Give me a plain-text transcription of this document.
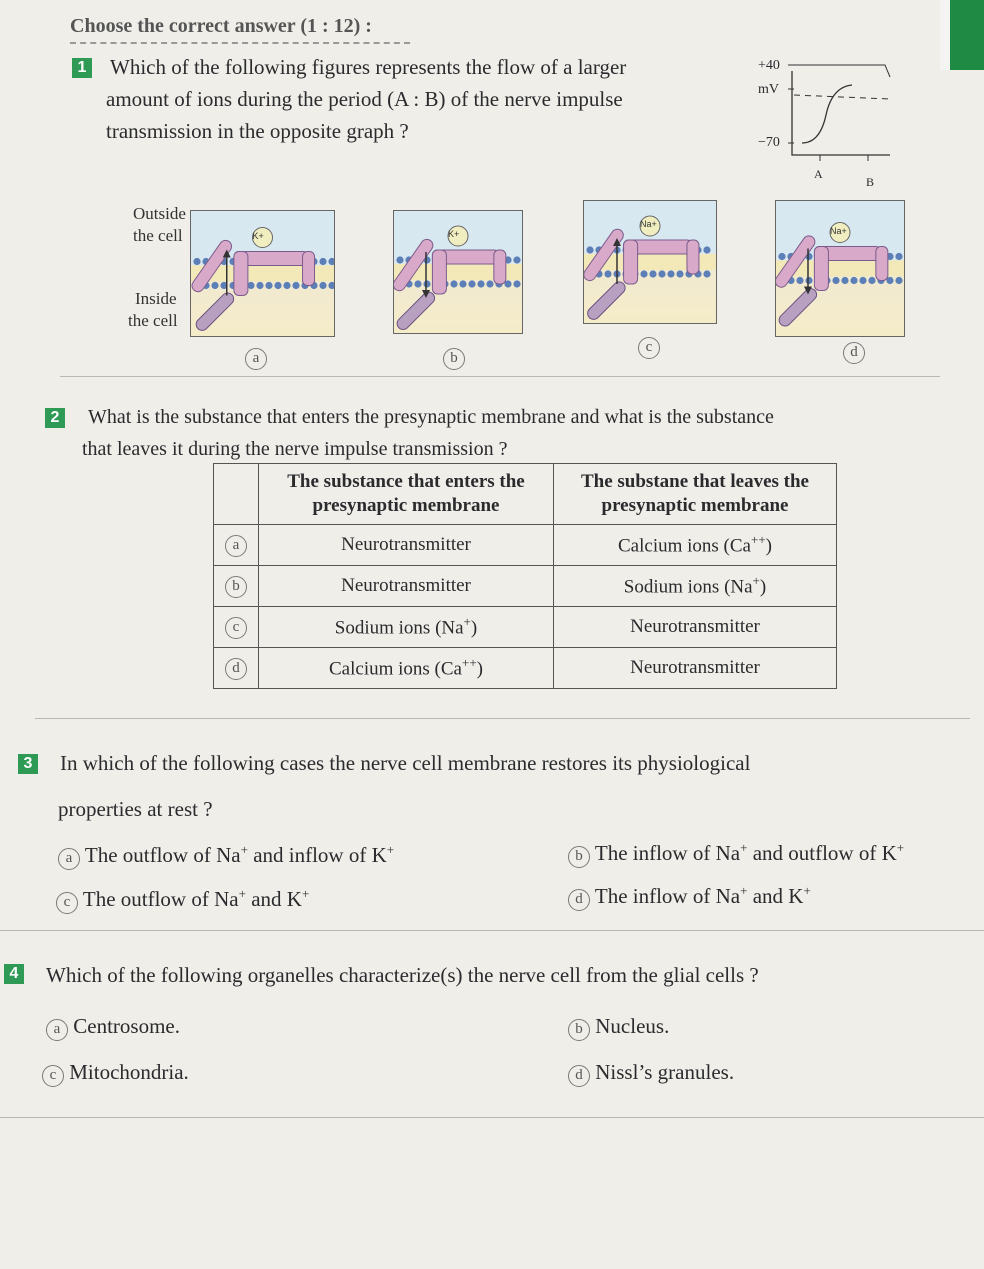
Choose the correct answer (1 : 12) :
1 Which of the following figures represents the flow of a larger
amount of ions during the period (A : B) of the nerve impulse
transmission in the opposite graph ?
+40
mV
−70
A
B
Outside
the cell
Inside
the cell
K+	K+
Na+
Na+
a	b
c	d
2 What is the substance that enters the presynaptic membrane and what is the substance
that leaves it during the nerve impulse transmission ?
	The substance that enters the presynaptic membrane	The substane that leaves the presynaptic membrane
a	Neurotransmitter	Calcium ions (Ca++)
b	Neurotransmitter	Sodium ions (Na+)
c	Sodium ions (Na+)	Neurotransmitter
d	Calcium ions (Ca++)	Neurotransmitter
3 In which of the following cases the nerve cell membrane restores its physiological
properties at rest ?
a The outflow of Na+ and inflow of K+	b The inflow of Na+ and outflow of K+
c The outflow of Na+ and K+	d The inflow of Na+ and K+
4 Which of the following organelles characterize(s) the nerve cell from the glial cells ?
a Centrosome.	b Nucleus.
c Mitochondria.	d Nissl’s granules.
